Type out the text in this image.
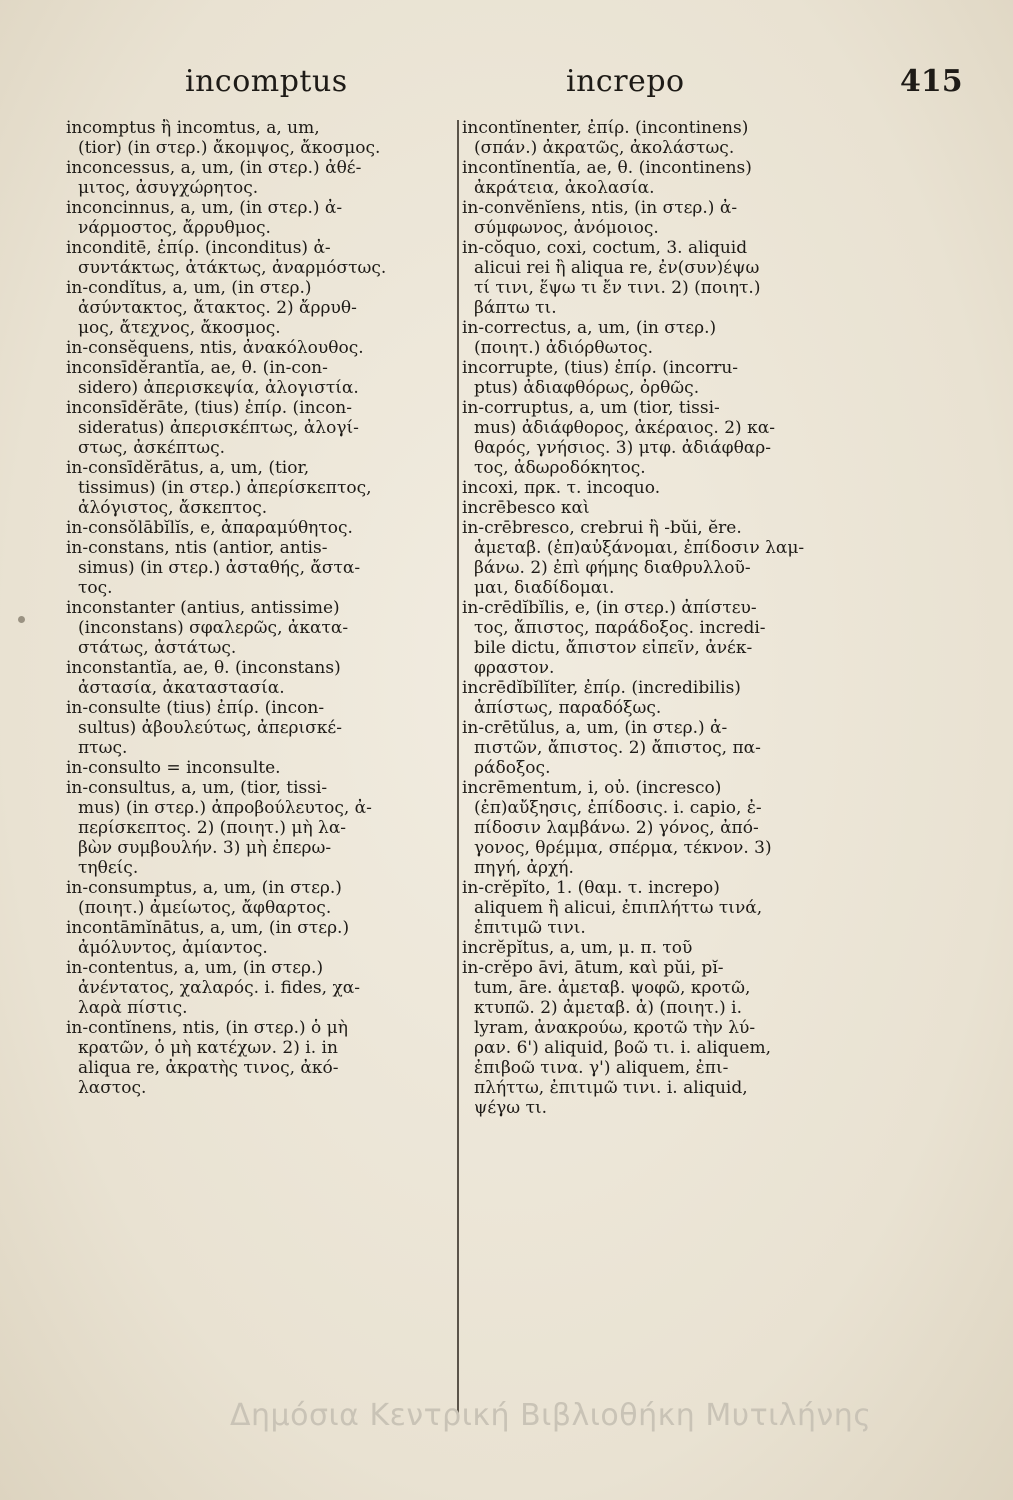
incomptus	increpo	415
incomptus ἢ incomtus, a, um,
(tior) (in στερ.) ἄκομψος, ἄκοσμος.
inconcessus, a, um, (in στερ.) ἀθέ-
μιτος, ἀσυγχώρητος.
inconcinnus, a, um, (in στερ.) ἀ-
νάρμοστος, ἄρρυθμος.
inconditē, ἐπίρ. (inconditus) ἀ-
συντάκτως, ἀτάκτως, ἀναρμόστως.
in-condĭtus, a, um, (in στερ.)
ἀσύντακτος, ἄτακτος. 2) ἄρρυθ-
μος, ἄτεχνος, ἄκοσμος.
in-consĕquens, ntis, ἀνακόλουθος.
inconsīdĕrantĭa, ae, θ. (in-con-
sidero) ἀπερισκεψία, ἀλογιστία.
inconsīdĕrāte, (tius) ἐπίρ. (incon-
sideratus) ἀπερισκέπτως, ἀλογί-
στως, ἀσκέπτως.
in-consīdĕrātus, a, um, (tior,
tissimus) (in στερ.) ἀπερίσκεπτος,
ἀλόγιστος, ἄσκεπτος.
in-consŏlābĭlĭs, e, ἀπαραμύθητος.
in-constans, ntis (antior, antis-
simus) (in στερ.) ἀσταθής, ἄστα-
τος.
inconstanter (antius, antissime)
(inconstans) σφαλερῶς, ἀκατα-
στάτως, ἀστάτως.
inconstantĭa, ae, θ. (inconstans)
ἀστασία, ἀκαταστασία.
in-consulte (tius) ἐπίρ. (incon-
sultus) ἀβουλεύτως, ἀπερισκέ-
πτως.
in-consulto = inconsulte.
in-consultus, a, um, (tior, tissi-
mus) (in στερ.) ἀπροβούλευτος, ἀ-
περίσκεπτος. 2) (ποιητ.) μὴ λα-
βὼν συμβουλήν. 3) μὴ ἐπερω-
τηθείς.
in-consumptus, a, um, (in στερ.)
(ποιητ.) ἀμείωτος, ἄφθαρτος.
incontāmĭnātus, a, um, (in στερ.)
ἀμόλυντος, ἀμίαντος.
in-contentus, a, um, (in στερ.)
ἀνέντατος, χαλαρός. i. fides, χα-
λαρὰ πίστις.
in-contĭnens, ntis, (in στερ.) ὁ μὴ
κρατῶν, ὁ μὴ κατέχων. 2) i. in
aliqua re, ἀκρατὴς τινος, ἀκό-
λαστος.
incontĭnenter, ἐπίρ. (incontinens)
(σπάν.) ἀκρατῶς, ἀκολάστως.
incontĭnentĭa, ae, θ. (incontinens)
ἀκράτεια, ἀκολασία.
in-convĕnĭens, ntis, (in στερ.) ἀ-
σύμφωνος, ἀνόμοιος.
in-cŏquo, coxi, coctum, 3. aliquid
alicui rei ἢ aliqua re, ἐν(συν)έψω
τί τινι, ἕψω τι ἔν τινι. 2) (ποιητ.)
βάπτω τι.
in-correctus, a, um, (in στερ.)
(ποιητ.) ἀδιόρθωτος.
incorrupte, (tius) ἐπίρ. (incorru-
ptus) ἀδιαφθόρως, ὀρθῶς.
in-corruptus, a, um (tior, tissi-
mus) ἀδιάφθορος, ἀκέραιος. 2) κα-
θαρός, γνήσιος. 3) μτφ. ἀδιάφθαρ-
τος, ἀδωροδόκητος.
incoxi, πρκ. τ. incoquo.
incrēbesco καὶ
in-crēbresco, crebrui ἢ -bŭi, ĕre.
ἀμεταβ. (ἐπ)αὐξάνομαι, ἐπίδοσιν λαμ-
βάνω. 2) ἐπὶ φήμης διαθρυλλοῦ-
μαι, διαδίδομαι.
in-crēdĭbĭlis, e, (in στερ.) ἀπίστευ-
τος, ἄπιστος, παράδοξος. incredi-
bile dictu, ἄπιστον εἰπεῖν, ἀνέκ-
φραστον.
incrēdĭbĭlĭter, ἐπίρ. (incredibilis)
ἀπίστως, παραδόξως.
in-crētŭlus, a, um, (in στερ.) ἀ-
πιστῶν, ἄπιστος. 2) ἄπιστος, πα-
ράδοξος.
incrēmentum, i, οὐ. (incresco)
(ἐπ)αὔξησις, ἐπίδοσις. i. capio, ἐ-
πίδοσιν λαμβάνω. 2) γόνος, ἀπό-
γονος, θρέμμα, σπέρμα, τέκνον. 3)
πηγή, ἀρχή.
in-crĕpĭto, 1. (θαμ. τ. increpo)
aliquem ἢ alicui, ἐπιπλήττω τινά,
ἐπιτιμῶ τινι.
incrĕpĭtus, a, um, μ. π. τοῦ
in-crĕpo āvi, ātum, καὶ pŭi, pĭ-
tum, āre. ἀμεταβ. ψοφῶ, κροτῶ,
κτυπῶ. 2) ἀμεταβ. ἀ) (ποιητ.) i.
lyram, ἀνακρούω, κροτῶ τὴν λύ-
ραν. 6') aliquid, βοῶ τι. i. aliquem,
ἐπιβοῶ τινα. γ') aliquem, ἐπι-
πλήττω, ἐπιτιμῶ τινι. i. aliquid,
ψέγω τι.
Δημόσια Κεντρική Βιβλιοθήκη Μυτιλήνης
